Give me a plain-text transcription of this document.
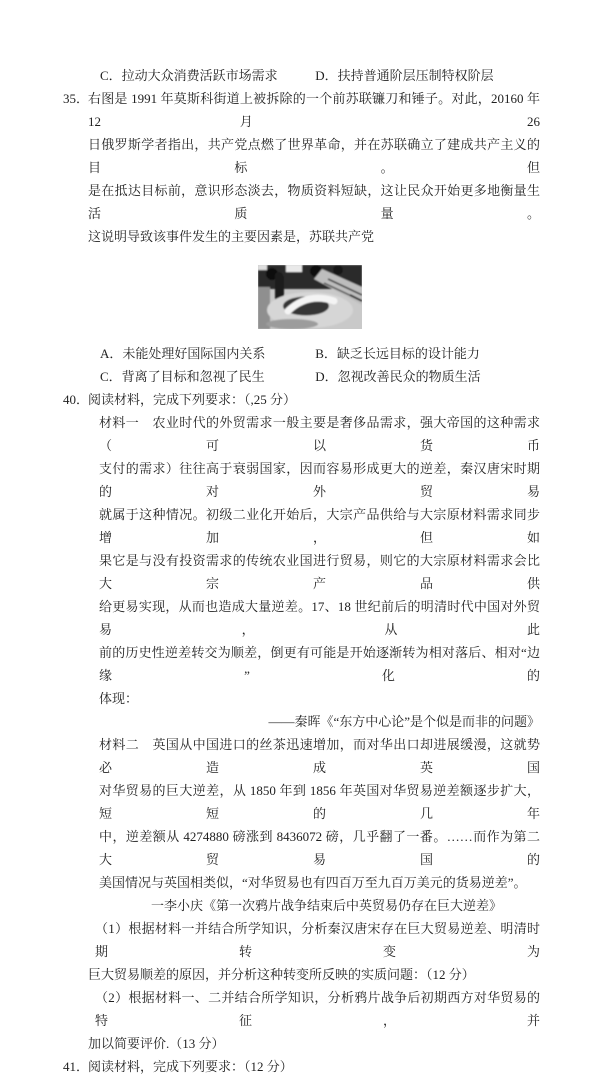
C．拉动大众消费活跃市场需求	D．扶持普通阶层压制特权阶层
35．
右图是 1991 年莫斯科街道上被拆除的一个前苏联镰刀和锤子。对此，20160 年 12 月 26
日俄罗斯学者指出，共产党点燃了世界革命，并在苏联确立了建成共产主义的目标。但
是在抵达目标前，意识形态淡去，物质资料短缺，这让民众开始更多地衡量生活质量。
这说明导致该事件发生的主要因素是，苏联共产党
A．未能处理好国际国内关系	B．缺乏长远目标的设计能力
C．背离了目标和忽视了民生	D．忽视改善民众的物质生活
40．
阅读材料，完成下列要求：（,25 分）
材料一　农业时代的外贸需求一般主要是奢侈品需求，强大帝国的这种需求（可以货币
支付的需求）往往高于衰弱国家，因而容易形成更大的逆差，秦汉唐宋时期的对外贸易
就属于这种情况。初级二业化开始后，大宗产品供给与大宗原材料需求同步增加，但如
果它是与没有投资需求的传统农业国进行贸易，则它的大宗原材料需求会比大宗产品供
给更易实现，从而也造成大量逆差。17、18 世纪前后的明清时代中国对外贸易，从此
前的历史性逆差转交为顺差，倒更有可能是开始逐渐转为相对落后、相对“边缘”化的
体现：
——秦晖《“东方中心论”是个似是而非的问题》
材料二　英国从中国进口的丝茶迅速增加，而对华出口却进展缓漫，这就势必造成英国
对华贸易的巨大逆差，从 1850 年到 1856 年英国对华贸易逆差额逐步扩大，短短的几年
中，逆差额从 4274880 磅涨到 8436072 磅，几乎翻了一番。……而作为第二大贸易国的
美国情况与英国相类似，“对华贸易也有四百万至九百万美元的货易逆差”。
一李小庆《第一次鸦片战争结束后中英贸易仍存在巨大逆差》
（1）根据材料一并结合所学知识，分析秦汉唐宋存在巨大贸易逆差、明清时期转变为
巨大贸易顺差的原因，并分析这种转变所反映的实质问题：（12 分）
（2）根据材料一、二并结合所学知识，分析鸦片战争后初期西方对华贸易的特征，并
加以简要评价.（13 分）
41．
阅读材料，完成下列要求：（12 分）
